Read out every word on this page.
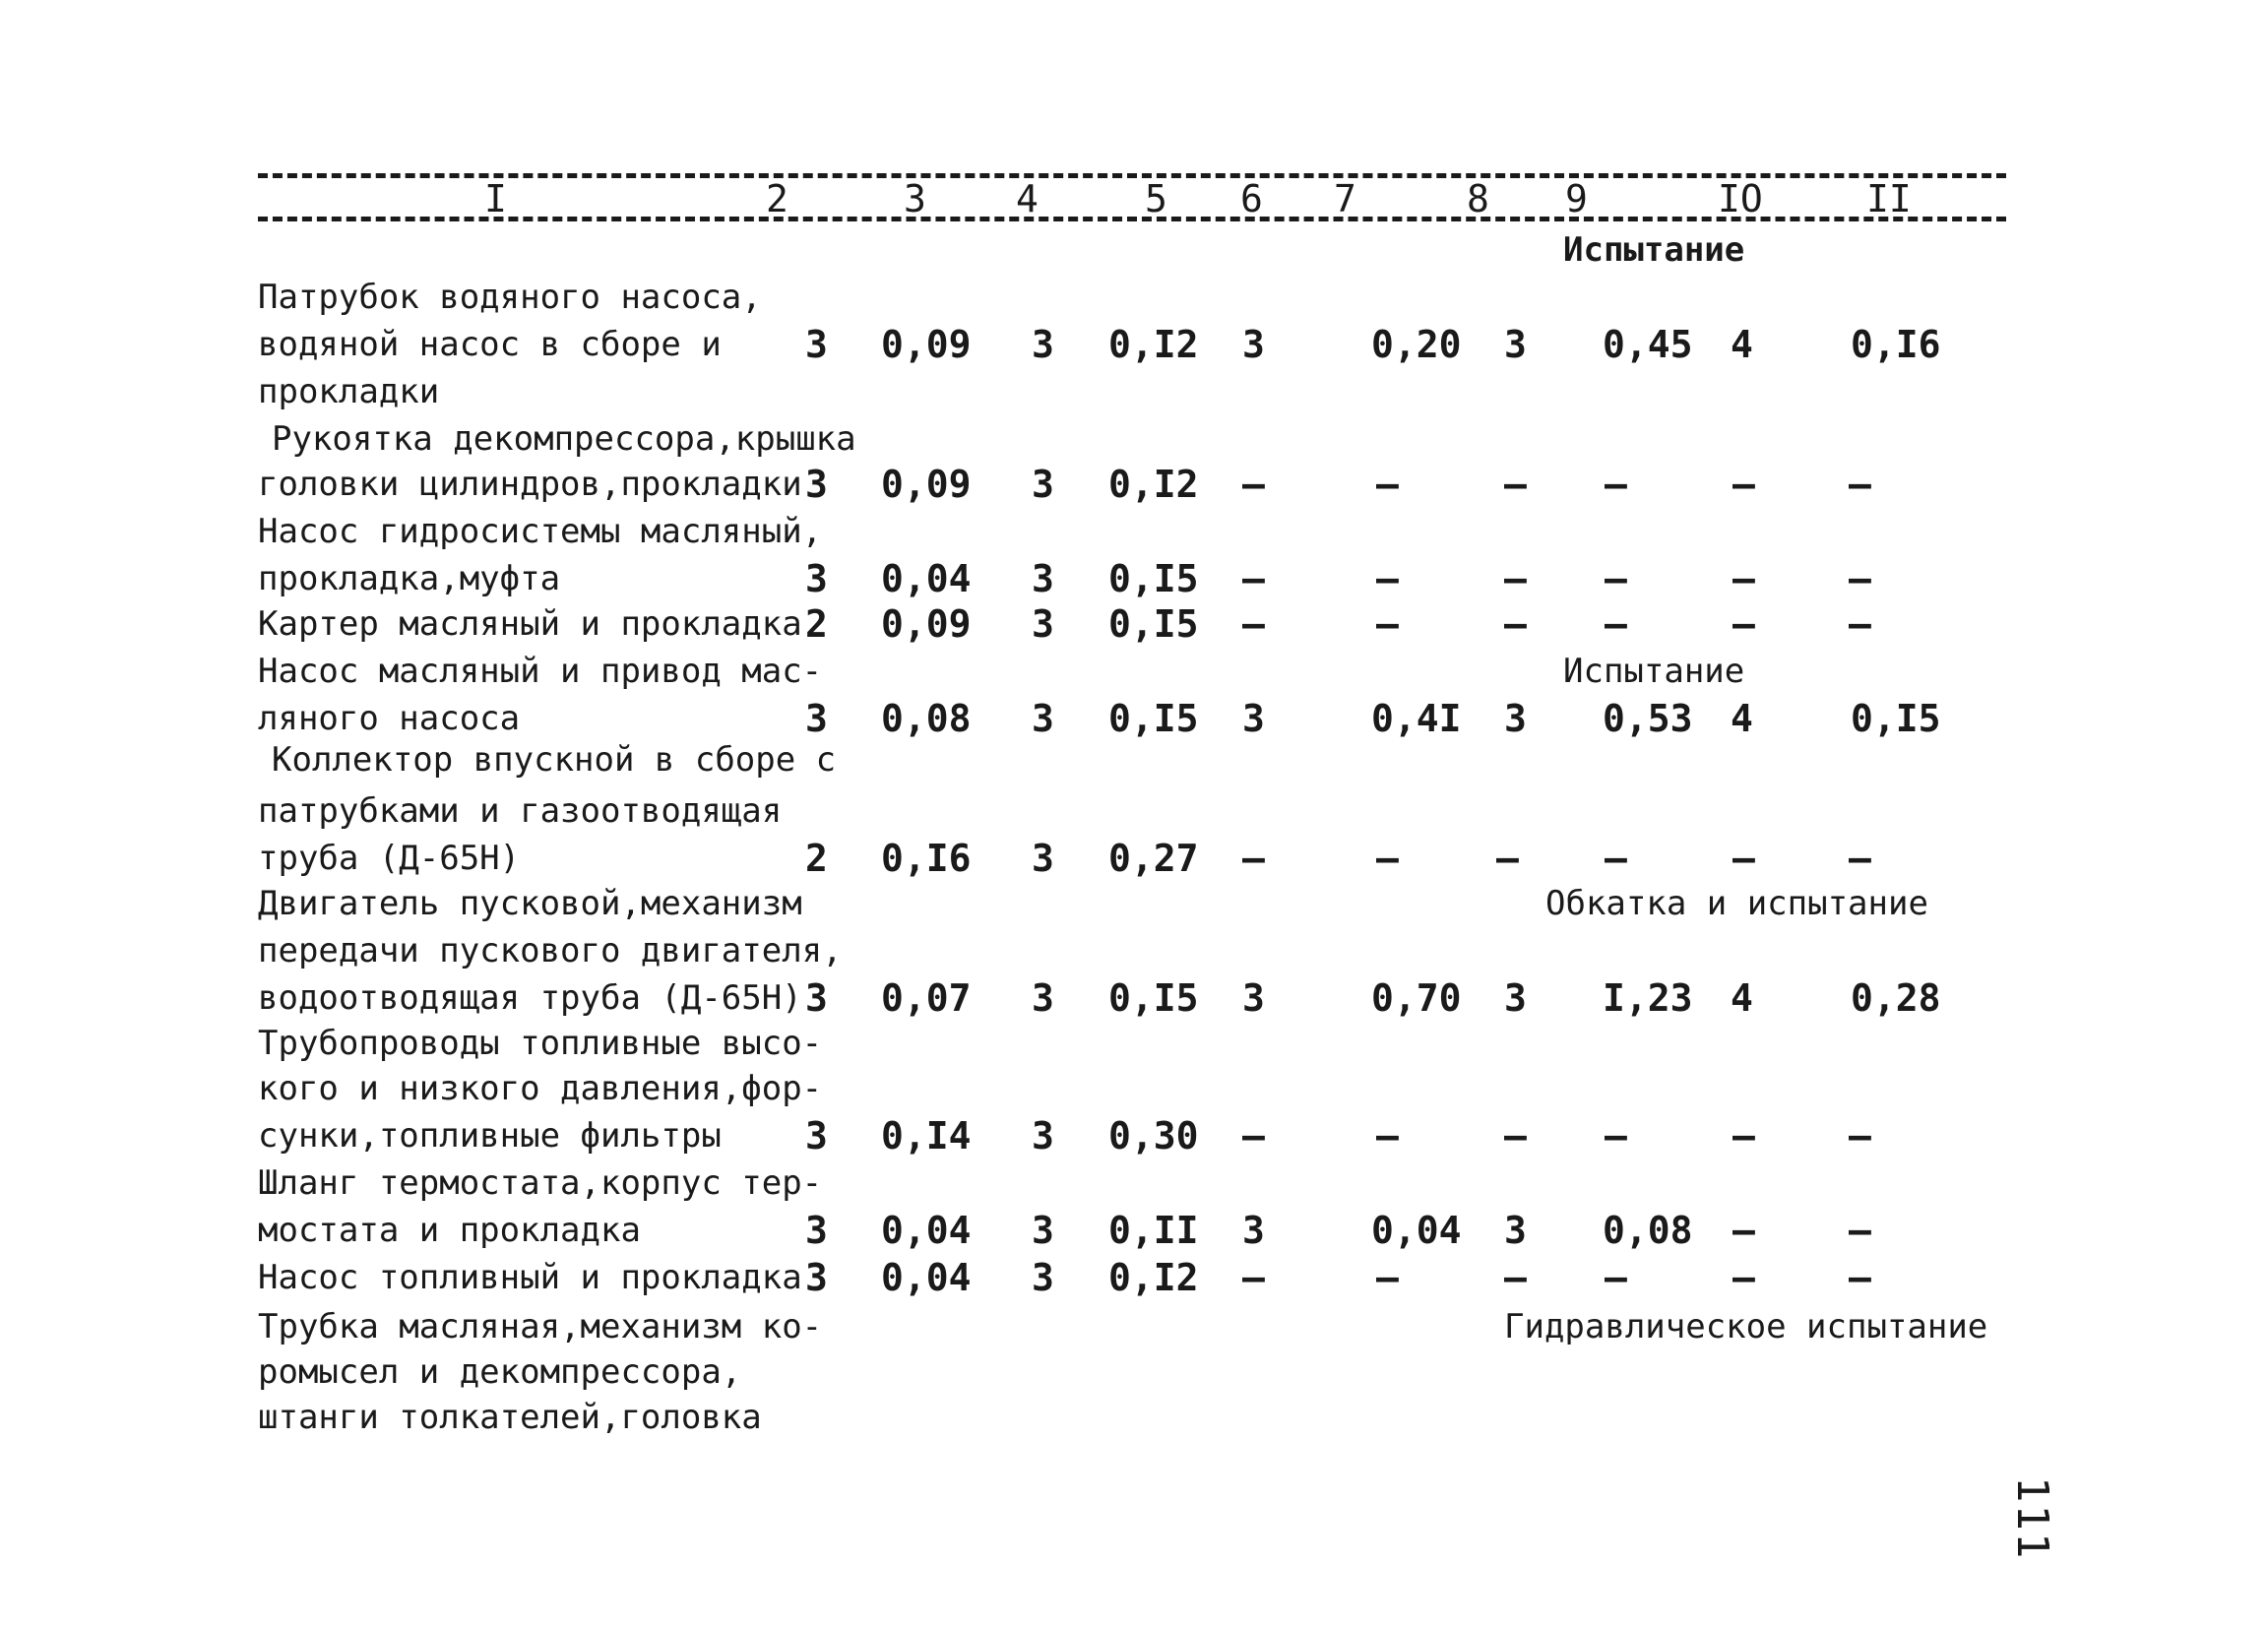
I	2	3 4	5 6 7	8 9	IO	II
Испытание
Патрубок водяного насоса,
водяной насос в сборе и
прокладки
3 0,09 3 0,I2 3	0,20 3 0,45 4	0,I6
Рукоятка декомпрессора,крышка
головки цилиндров,прокладки 3 0,09 3 0,I2 –	–	– –	–	–
Насос гидросистемы масляный,
прокладка,муфта	3 0,04 3 0,I5 –	–	– –	–	–
Картер масляный и прокладка 2 0,09 3 0,I5 –	–	– –	–	–
Насос масляный и привод мас-	Испытание
ляного насоса	3 0,08 3 0,I5 3	0,4I 3 0,53 4	0,I5
Коллектор впускной в сборе с
патрубками и газоотводящая
труба (Д-65Н)	2 0,I6 3 0,27 –	–	— –	–	–
Двигатель пусковой,механизм	Обкатка и испытание
передачи пускового двигателя,
водоотводящая труба (Д-65Н) 3 0,07 3 0,I5 3	0,70 3 I,23 4	0,28
Трубопроводы топливные высо-
кого и низкого давления,фор-
сунки,топливные фильтры 3 0,I4 3 0,30 –	–	– –	–	–
Шланг термостата,корпус тер-
мостата и прокладка	3 0,04 3 0,II 3	0,04 3 0,08 –	–
Насос топливный и прокладка 3 0,04 3 0,I2 –	–	– –	–	–
Трубка масляная,механизм ко-	Гидравлическое испытание
ромысел и декомпрессора,
штанги толкателей,головка
111
